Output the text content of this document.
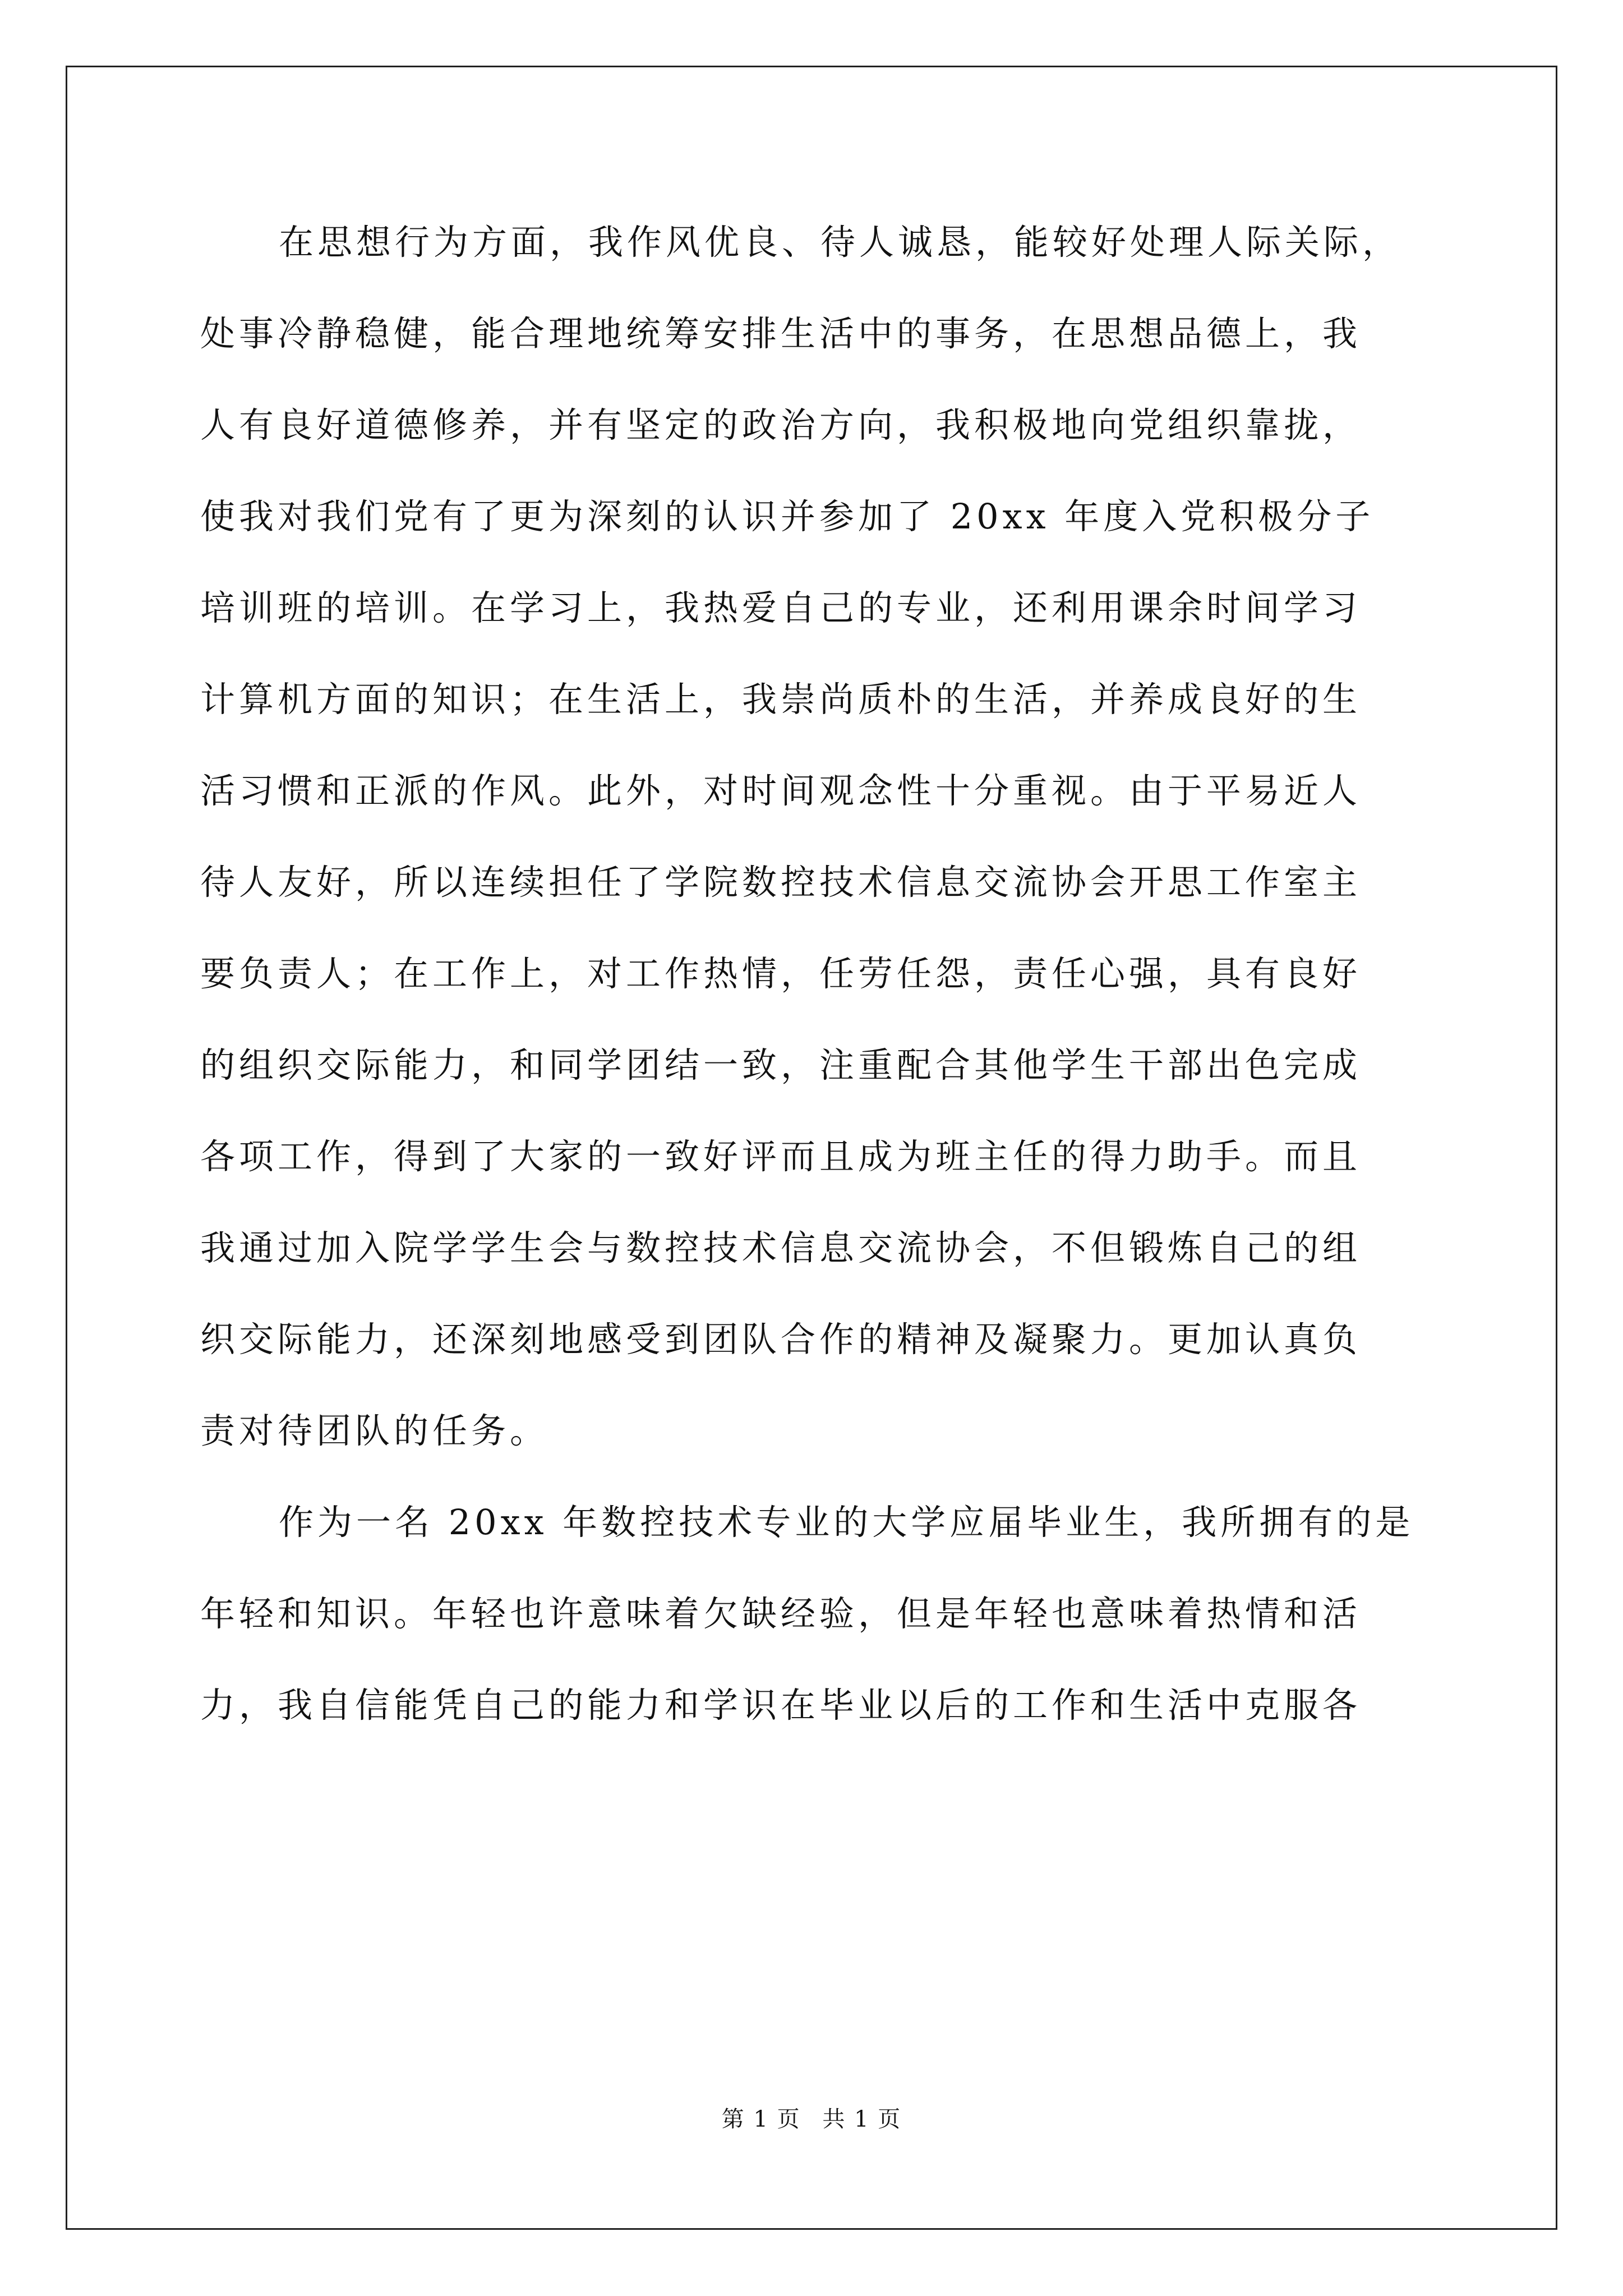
在思想行为方面，我作风优良、待人诚恳，能较好处理人际关际，
处事冷静稳健，能合理地统筹安排生活中的事务，在思想品德上，我
人有良好道德修养，并有坚定的政治方向，我积极地向党组织靠拢，
使我对我们党有了更为深刻的认识并参加了 20xx 年度入党积极分子
培训班的培训。在学习上，我热爱自己的专业，还利用课余时间学习
计算机方面的知识；在生活上，我崇尚质朴的生活，并养成良好的生
活习惯和正派的作风。此外，对时间观念性十分重视。由于平易近人
待人友好，所以连续担任了学院数控技术信息交流协会开思工作室主
要负责人；在工作上，对工作热情，任劳任怨，责任心强，具有良好
的组织交际能力，和同学团结一致，注重配合其他学生干部出色完成
各项工作，得到了大家的一致好评而且成为班主任的得力助手。而且
我通过加入院学学生会与数控技术信息交流协会，不但锻炼自己的组
织交际能力，还深刻地感受到团队合作的精神及凝聚力。更加认真负
责对待团队的任务。
作为一名 20xx 年数控技术专业的大学应届毕业生，我所拥有的是
年轻和知识。年轻也许意味着欠缺经验，但是年轻也意味着热情和活
力，我自信能凭自己的能力和学识在毕业以后的工作和生活中克服各
第 1 页 共 1 页
